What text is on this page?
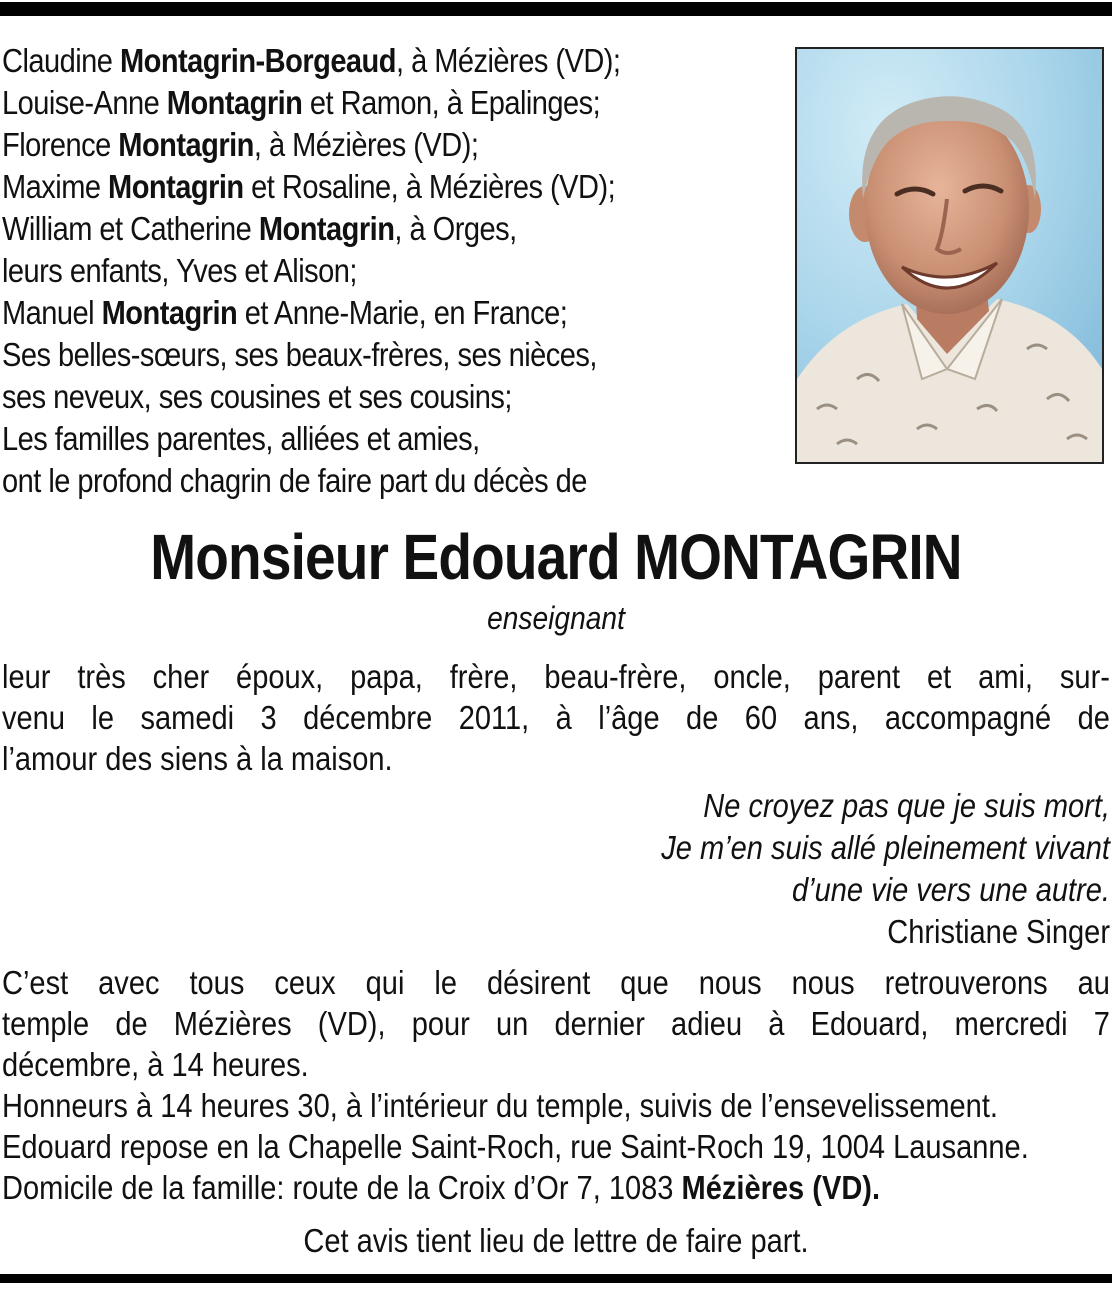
Claudine Montagrin-Borgeaud, à Mézières (VD);
Louise-Anne Montagrin et Ramon, à Epalinges;
Florence Montagrin, à Mézières (VD);
Maxime Montagrin et Rosaline, à Mézières (VD);
William et Catherine Montagrin, à Orges,
leurs enfants, Yves et Alison;
Manuel Montagrin et Anne-Marie, en France;
Ses belles-sœurs, ses beaux-frères, ses nièces,
ses neveux, ses cousines et ses cousins;
Les familles parentes, alliées et amies,
ont le profond chagrin de faire part du décès de
Monsieur Edouard MONTAGRIN
enseignant
leur très cher époux, papa, frère, beau-frère, oncle, parent et ami, sur-
venu le samedi 3 décembre 2011, à l’âge de 60 ans, accompagné de
l’amour des siens à la maison.
Ne croyez pas que je suis mort,
Je m’en suis allé pleinement vivant
d’une vie vers une autre.
Christiane Singer
C’est avec tous ceux qui le désirent que nous nous retrouverons au
temple de Mézières (VD), pour un dernier adieu à Edouard, mercredi 7
décembre, à 14 heures.
Honneurs à 14 heures 30, à l’intérieur du temple, suivis de l’ensevelissement.
Edouard repose en la Chapelle Saint-Roch, rue Saint-Roch 19, 1004 Lausanne.
Domicile de la famille: route de la Croix d’Or 7, 1083 Mézières (VD).
Cet avis tient lieu de lettre de faire part.
